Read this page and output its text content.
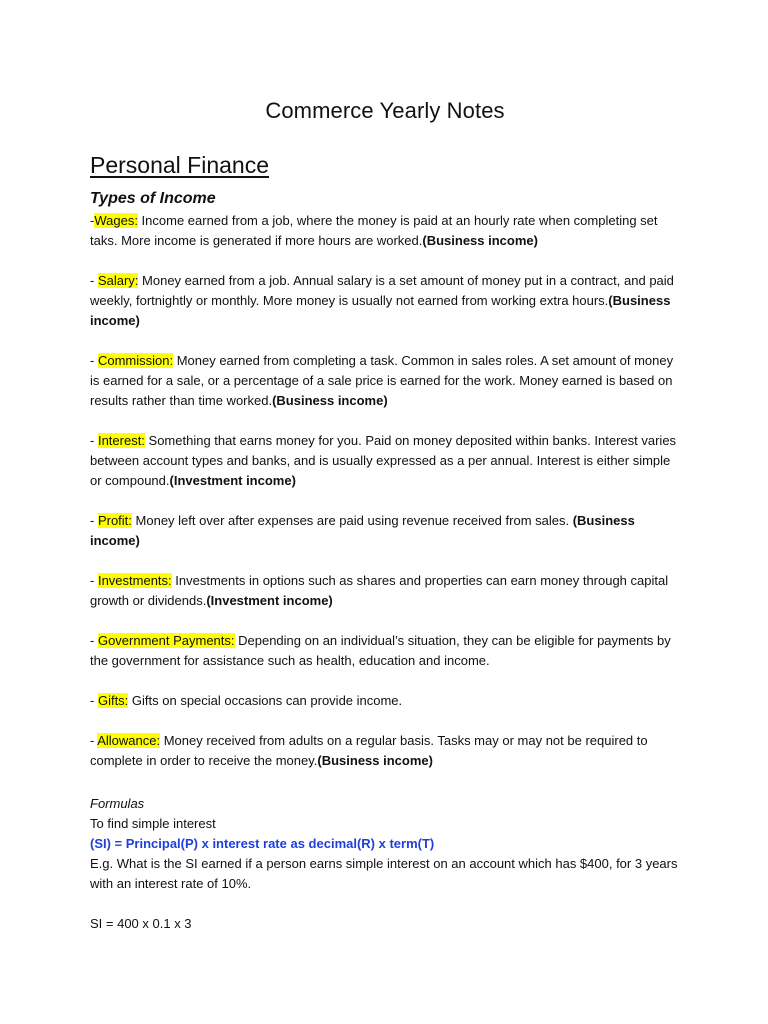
Commerce Yearly Notes
Personal Finance
Types of Income
-Wages: Income earned from a job, where the money is paid at an hourly rate when completing set taks. More income is generated if more hours are worked.(Business income)
- Salary: Money earned from a job. Annual salary is a set amount of money put in a contract, and paid weekly, fortnightly or monthly. More money is usually not earned from working extra hours.(Business income)
- Commission: Money earned from completing a task. Common in sales roles. A set amount of money is earned for a sale, or a percentage of a sale price is earned for the work. Money earned is based on results rather than time worked.(Business income)
- Interest: Something that earns money for you. Paid on money deposited within banks. Interest varies between account types and banks, and is usually expressed as a per annual. Interest is either simple or compound.(Investment income)
- Profit: Money left over after expenses are paid using revenue received from sales. (Business income)
- Investments: Investments in options such as shares and properties can earn money through capital growth or dividends.(Investment income)
- Government Payments: Depending on an individual’s situation, they can be eligible for payments by the government for assistance such as health, education and income.
- Gifts: Gifts on special occasions can provide income.
- Allowance: Money received from adults on a regular basis. Tasks may or may not be required to complete in order to receive the money.(Business income)
Formulas
To find simple interest
(SI) = Principal(P) x interest rate as decimal(R) x term(T)
E.g. What is the SI earned if a person earns simple interest on an account which has $400, for 3 years with an interest rate of 10%.
SI = 400 x 0.1 x 3
